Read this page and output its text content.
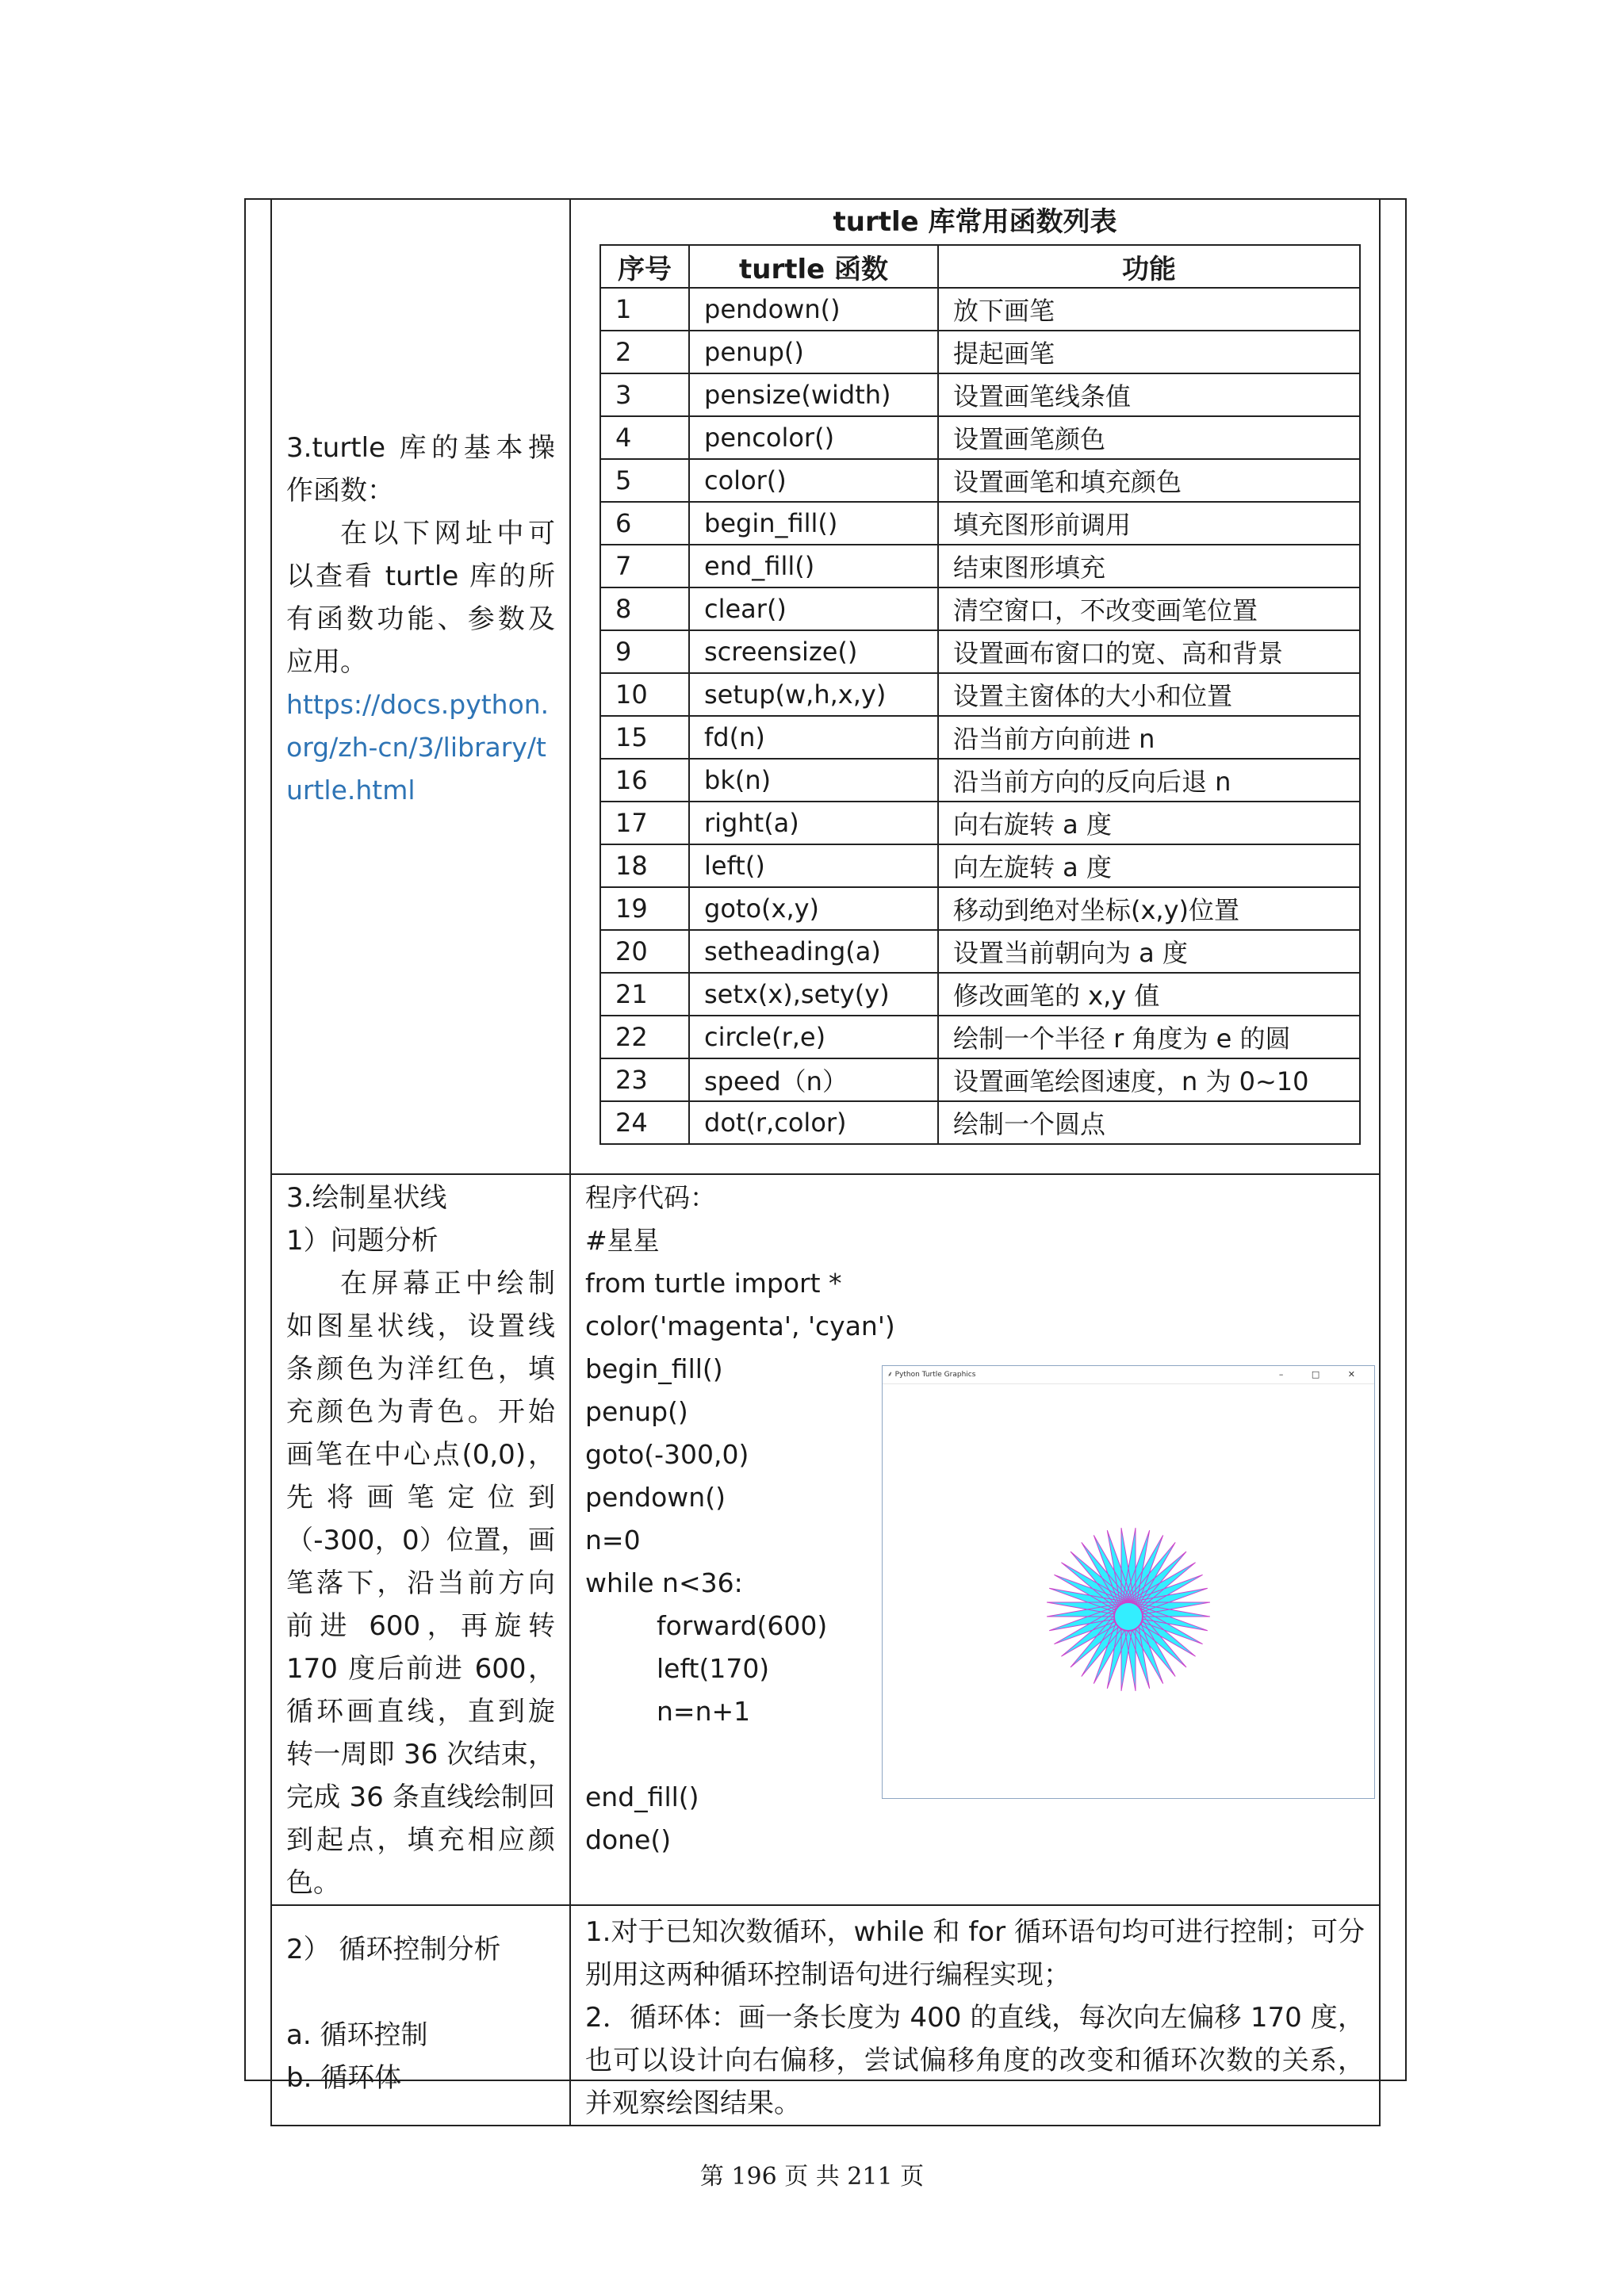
3.turtle 库的基本操作函数：
在以下网址中可以查看 turtle 库的所有函数功能、参数及应用。
https://docs.python.org/zh-cn/3/library/turtle.html

turtle 库常用函数列表
序号	turtle 函数	功能
1	pendown()	放下画笔
2	penup()	提起画笔
3	pensize(width)	设置画笔线条值
4	pencolor()	设置画笔颜色
5	color()	设置画笔和填充颜色
6	begin_fill()	填充图形前调用
7	end_fill()	结束图形填充
8	clear()	清空窗口，不改变画笔位置
9	screensize()	设置画布窗口的宽、高和背景
10	setup(w,h,x,y)	设置主窗体的大小和位置
15	fd(n)	沿当前方向前进 n
16	bk(n)	沿当前方向的反向后退 n
17	right(a)	向右旋转 a 度
18	left()	向左旋转 a 度
19	goto(x,y)	移动到绝对坐标(x,y)位置
20	setheading(a)	设置当前朝向为 a 度
21	setx(x),sety(y)	修改画笔的 x,y 值
22	circle(r,e)	绘制一个半径 r 角度为 e 的圆
23	speed（n）	设置画笔绘图速度，n 为 0~10
24	dot(r,color)	绘制一个圆点

3.绘制星状线
1）问题分析
在屏幕正中绘制如图星状线，设置线条颜色为洋红色，填充颜色为青色。开始画笔在中心点(0,0)，先将画笔定位到（-300，0）位置，画笔落下，沿当前方向前进 600，再旋转 170 度后前进 600，循环画直线，直到旋转一周即 36 次结束，完成 36 条直线绘制回到起点，填充相应颜色。

程序代码：
#星星
from turtle import *
color('magenta', 'cyan')
begin_fill()
penup()
goto(-300,0)
pendown()
n=0
while n<36:
forward(600)
left(170)
n=n+1
end_fill()
done()
⸙ Python Turtle Graphics	– □ ✕

2） 循环控制分析
a. 循环控制
b. 循环体

1.对于已知次数循环，while 和 for 循环语句均可进行控制；可分别用这两种循环控制语句进行编程实现；
2．循环体：画一条长度为 400 的直线，每次向左偏移 170 度，也可以设计向右偏移，尝试偏移角度的改变和循环次数的关系，并观察绘图结果。
第 196 页 共 211 页
